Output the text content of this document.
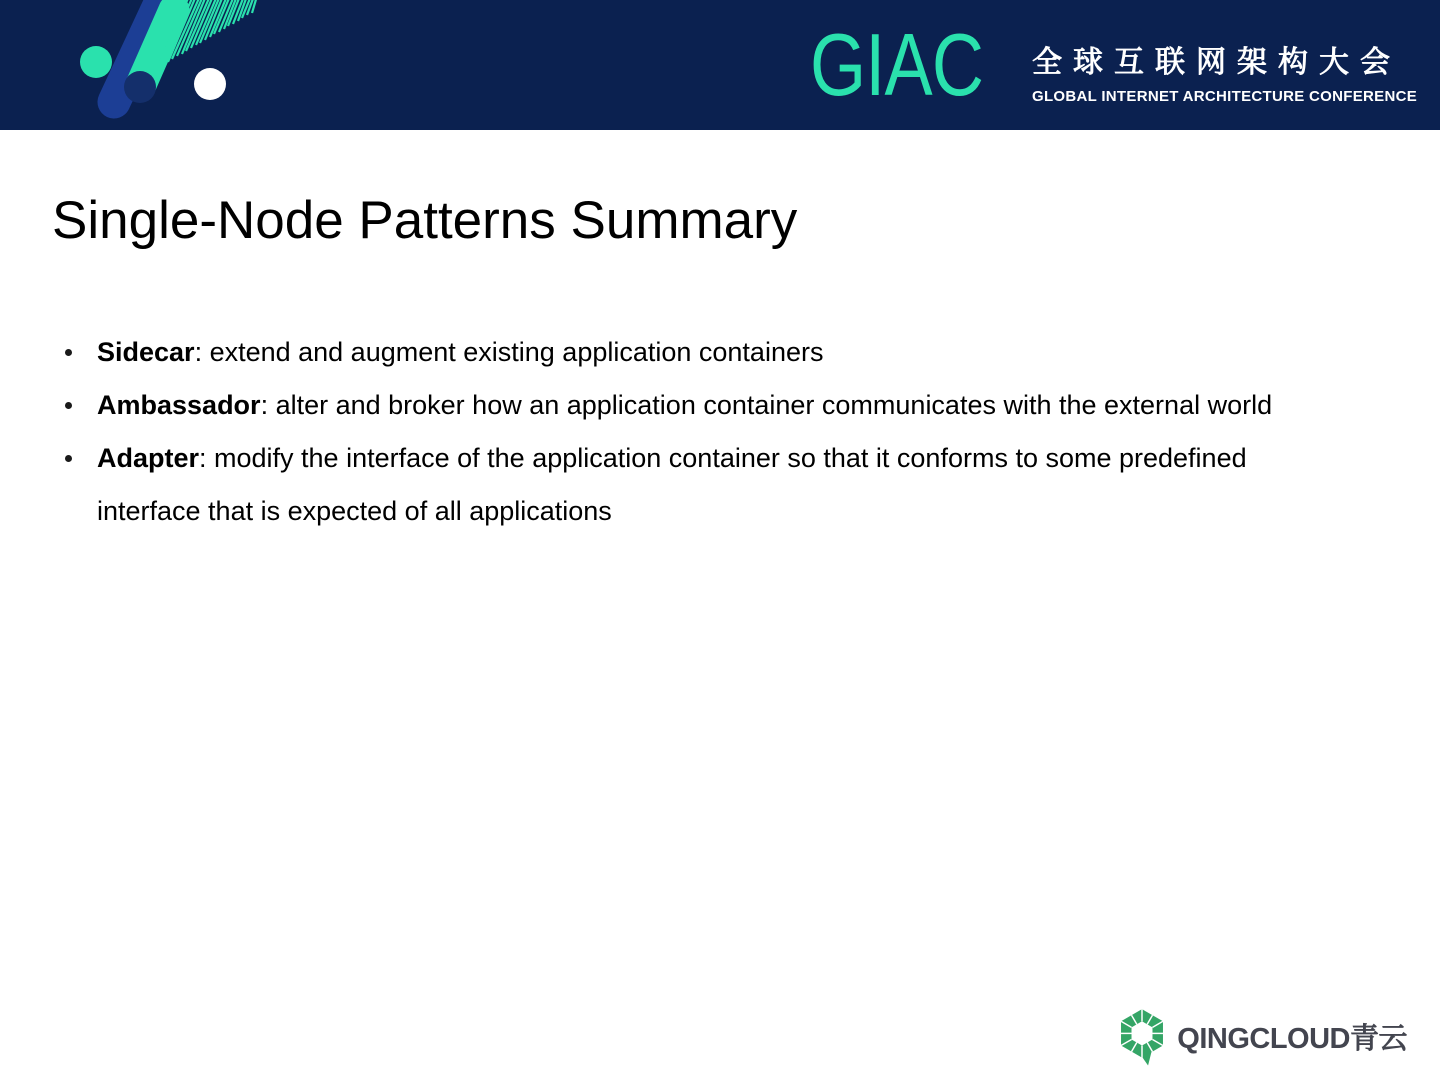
GIAC 全球互联网架构大会
GLOBAL INTERNET ARCHITECTURE CONFERENCE
Single-Node Patterns Summary
Sidecar: extend and augment existing application containers
Ambassador: alter and broker how an application container communicates with the external world
Adapter: modify the interface of the application container so that it conforms to some predefined interface that is expected of all applications
QINGCLOUD青云
